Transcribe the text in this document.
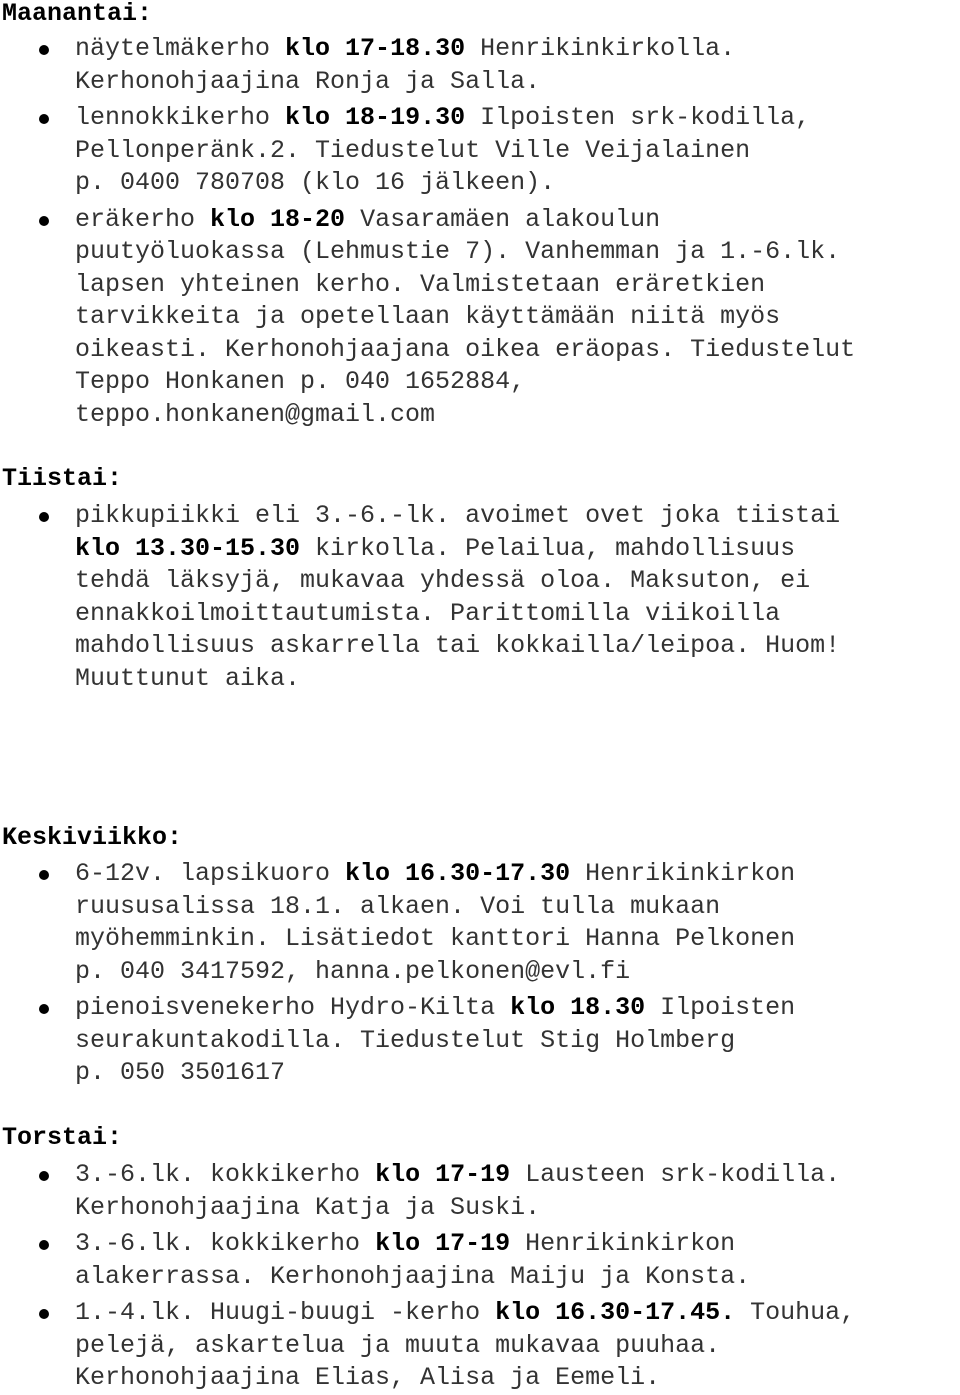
Maanantai:
näytelmäkerho klo 17-18.30 Henrikinkirkolla.
Kerhonohjaajina Ronja ja Salla.
lennokkikerho klo 18-19.30 Ilpoisten srk-kodilla,
Pellonperänk.2. Tiedustelut Ville Veijalainen
p. 0400 780708 (klo 16 jälkeen).
eräkerho klo 18-20 Vasaramäen alakoulun
puutyöluokassa (Lehmustie 7). Vanhemman ja 1.-6.lk.
lapsen yhteinen kerho. Valmistetaan eräretkien
tarvikkeita ja opetellaan käyttämään niitä myös
oikeasti. Kerhonohjaajana oikea eräopas. Tiedustelut
Teppo Honkanen p. 040 1652884,
teppo.honkanen@gmail.com
Tiistai:
pikkupiikki eli 3.-6.-lk. avoimet ovet joka tiistai
klo 13.30-15.30 kirkolla. Pelailua, mahdollisuus
tehdä läksyjä, mukavaa yhdessä oloa. Maksuton, ei
ennakkoilmoittautumista. Parittomilla viikoilla
mahdollisuus askarrella tai kokkailla/leipoa. Huom!
Muuttunut aika.
Keskiviikko:
6-12v. lapsikuoro klo 16.30-17.30 Henrikinkirkon
ruususalissa 18.1. alkaen. Voi tulla mukaan
myöhemminkin. Lisätiedot kanttori Hanna Pelkonen
p. 040 3417592, hanna.pelkonen@evl.fi
pienoisvenekerho Hydro-Kilta klo 18.30 Ilpoisten
seurakuntakodilla. Tiedustelut Stig Holmberg
p. 050 3501617
Torstai:
3.-6.lk. kokkikerho klo 17-19 Lausteen srk-kodilla.
Kerhonohjaajina Katja ja Suski.
3.-6.lk. kokkikerho klo 17-19 Henrikinkirkon
alakerrassa. Kerhonohjaajina Maiju ja Konsta.
1.-4.lk. Huugi-buugi -kerho klo 16.30-17.45. Touhua,
pelejä, askartelua ja muuta mukavaa puuhaa.
Kerhonohjaajina Elias, Alisa ja Eemeli.
